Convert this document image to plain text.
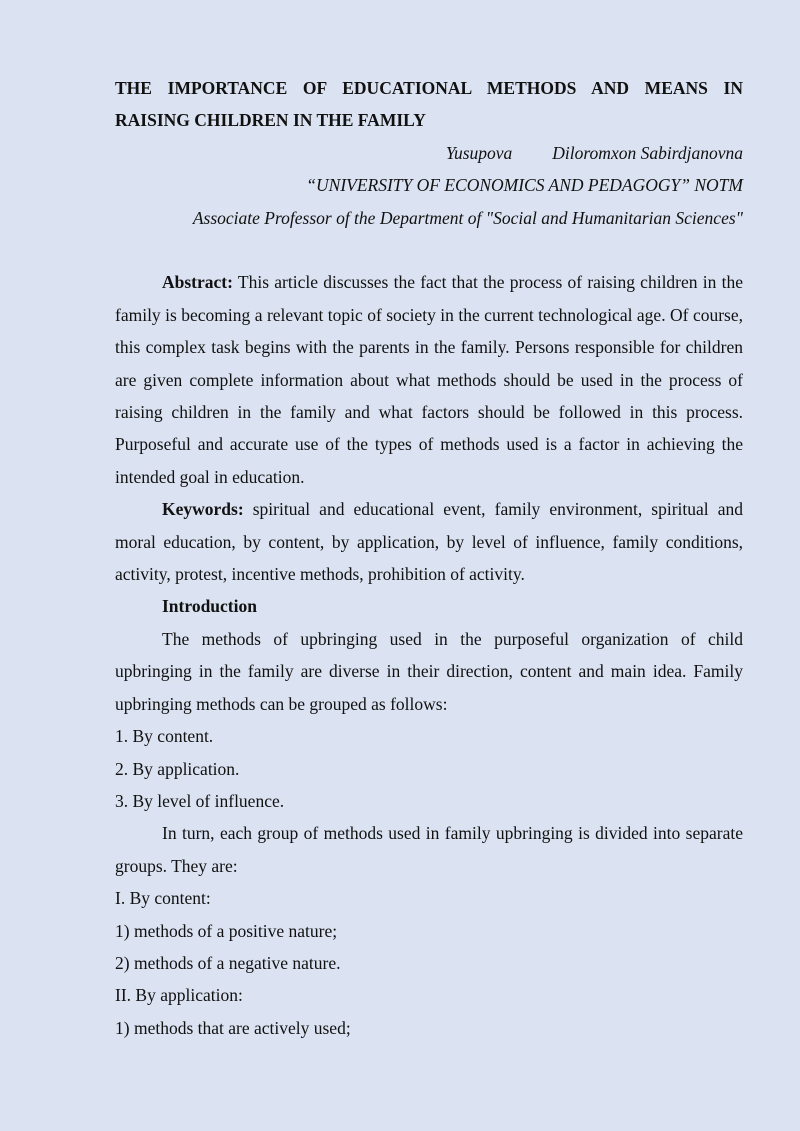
THE IMPORTANCE OF EDUCATIONAL METHODS AND MEANS IN RAISING CHILDREN IN THE FAMILY

Yusupova Diloromxon Sabirdjanovna

“UNIVERSITY OF ECONOMICS AND PEDAGOGY” NOTM

Associate Professor of the Department of "Social and Humanitarian Sciences"

Abstract: This article discusses the fact that the process of raising children in the family is becoming a relevant topic of society in the current technological age. Of course, this complex task begins with the parents in the family. Persons responsible for children are given complete information about what methods should be used in the process of raising children in the family and what factors should be followed in this process. Purposeful and accurate use of the types of methods used is a factor in achieving the intended goal in education.

Keywords: spiritual and educational event, family environment, spiritual and moral education, by content, by application, by level of influence, family conditions, activity, protest, incentive methods, prohibition of activity.

Introduction

The methods of upbringing used in the purposeful organization of child upbringing in the family are diverse in their direction, content and main idea. Family upbringing methods can be grouped as follows:

1. By content.

2. By application.

3. By level of influence.

In turn, each group of methods used in family upbringing is divided into separate groups. They are:

I. By content:

1) methods of a positive nature;

2) methods of a negative nature.

II. By application:

1) methods that are actively used;
